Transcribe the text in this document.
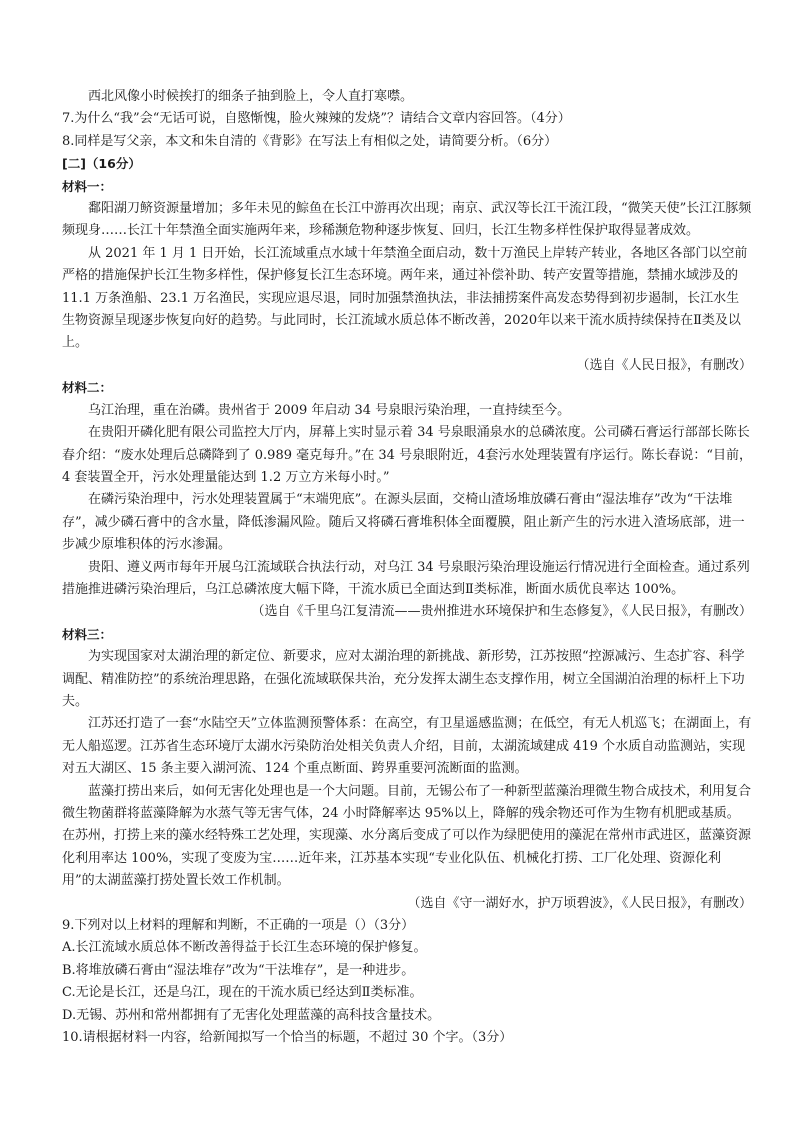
西北风像小时候挨打的细条子抽到脸上，令人直打寒噤。

7.为什么“我”会“无话可说，自愍惭愧，脸火辣辣的发烧”？请结合文章内容回答。（4分）

8.同样是写父亲，本文和朱自清的《背影》在写法上有相似之处，请简要分析。（6分）

[二]（16分）

材料一：

鄱阳湖刀鲚资源量增加；多年未见的鯮鱼在长江中游再次出现；南京、武汉等长江干流江段，“微笑天使”长江江豚频频现身……长江十年禁渔全面实施两年来，珍稀濒危物种逐步恢复、回归，长江生物多样性保护取得显著成效。

从 2021 年 1 月 1 日开始，长江流域重点水域十年禁渔全面启动，数十万渔民上岸转产转业，各地区各部门以空前严格的措施保护长江生物多样性，保护修复长江生态环境。两年来，通过补偿补助、转产安置等措施，禁捕水域涉及的 11.1 万条渔船、23.1 万名渔民，实现应退尽退，同时加强禁渔执法，非法捕捞案件高发态势得到初步遏制，长江水生生物资源呈现逐步恢复向好的趋势。与此同时，长江流域水质总体不断改善，2020年以来干流水质持续保持在Ⅱ类及以上。

（选自《人民日报》，有删改）

材料二：

乌江治理，重在治磷。贵州省于 2009 年启动 34 号泉眼污染治理，一直持续至今。

在贵阳开磷化肥有限公司监控大厅内，屏幕上实时显示着 34 号泉眼涌泉水的总磷浓度。公司磷石膏运行部部长陈长春介绍：“废水处理后总磷降到了 0.989 毫克每升。”在 34 号泉眼附近，4套污水处理装置有序运行。陈长春说：“目前，4 套装置全开，污水处理量能达到 1.2 万立方米每小时。”

在磷污染治理中，污水处理装置属于“末端兜底”。在源头层面，交椅山渣场堆放磷石膏由“湿法堆存”改为“干法堆存”，减少磷石膏中的含水量，降低渗漏风险。随后又将磷石膏堆积体全面覆膜，阻止新产生的污水进入渣场底部，进一步减少原堆积体的污水渗漏。

贵阳、遵义两市每年开展乌江流域联合执法行动，对乌江 34 号泉眼污染治理设施运行情况进行全面检查。通过系列措施推进磷污染治理后，乌江总磷浓度大幅下降，干流水质已全面达到Ⅱ类标准，断面水质优良率达 100%。

（选自《千里乌江复清流——贵州推进水环境保护和生态修复》，《人民日报》，有删改）

材料三：

为实现国家对太湖治理的新定位、新要求，应对太湖治理的新挑战、新形势，江苏按照“控源减污、生态扩容、科学调配、精准防控”的系统治理思路，在强化流域联保共治，充分发挥太湖生态支撑作用，树立全国湖泊治理的标杆上下功夫。

江苏还打造了一套“水陆空天”立体监测预警体系：在高空，有卫星遥感监测；在低空，有无人机巡飞；在湖面上，有无人船巡逻。江苏省生态环境厅太湖水污染防治处相关负责人介绍，目前，太湖流域建成 419 个水质自动监测站，实现对五大湖区、15 条主要入湖河流、124 个重点断面、跨界重要河流断面的监测。

蓝藻打捞出来后，如何无害化处理也是一个大问题。目前，无锡公布了一种新型蓝藻治理微生物合成技术，利用复合微生物菌群将蓝藻降解为水蒸气等无害气体，24 小时降解率达 95%以上，降解的残余物还可作为生物有机肥或基质。在苏州，打捞上来的藻水经特殊工艺处理，实现藻、水分离后变成了可以作为绿肥使用的藻泥在常州市武进区，蓝藻资源化利用率达 100%，实现了变废为宝……近年来，江苏基本实现“专业化队伍、机械化打捞、工厂化处理、资源化利用”的太湖蓝藻打捞处置长效工作机制。

（选自《守一湖好水，护万顷碧波》，《人民日报》，有删改）

9.下列对以上材料的理解和判断，不正确的一项是（）（3分）

A.长江流域水质总体不断改善得益于长江生态环境的保护修复。

B.将堆放磷石膏由“湿法堆存”改为“干法堆存”，是一种进步。

C.无论是长江，还是乌江，现在的干流水质已经达到Ⅱ类标准。

D.无锡、苏州和常州都拥有了无害化处理蓝藻的高科技含量技术。

10.请根据材料一内容，给新闻拟写一个恰当的标题，不超过 30 个字。（3分）
